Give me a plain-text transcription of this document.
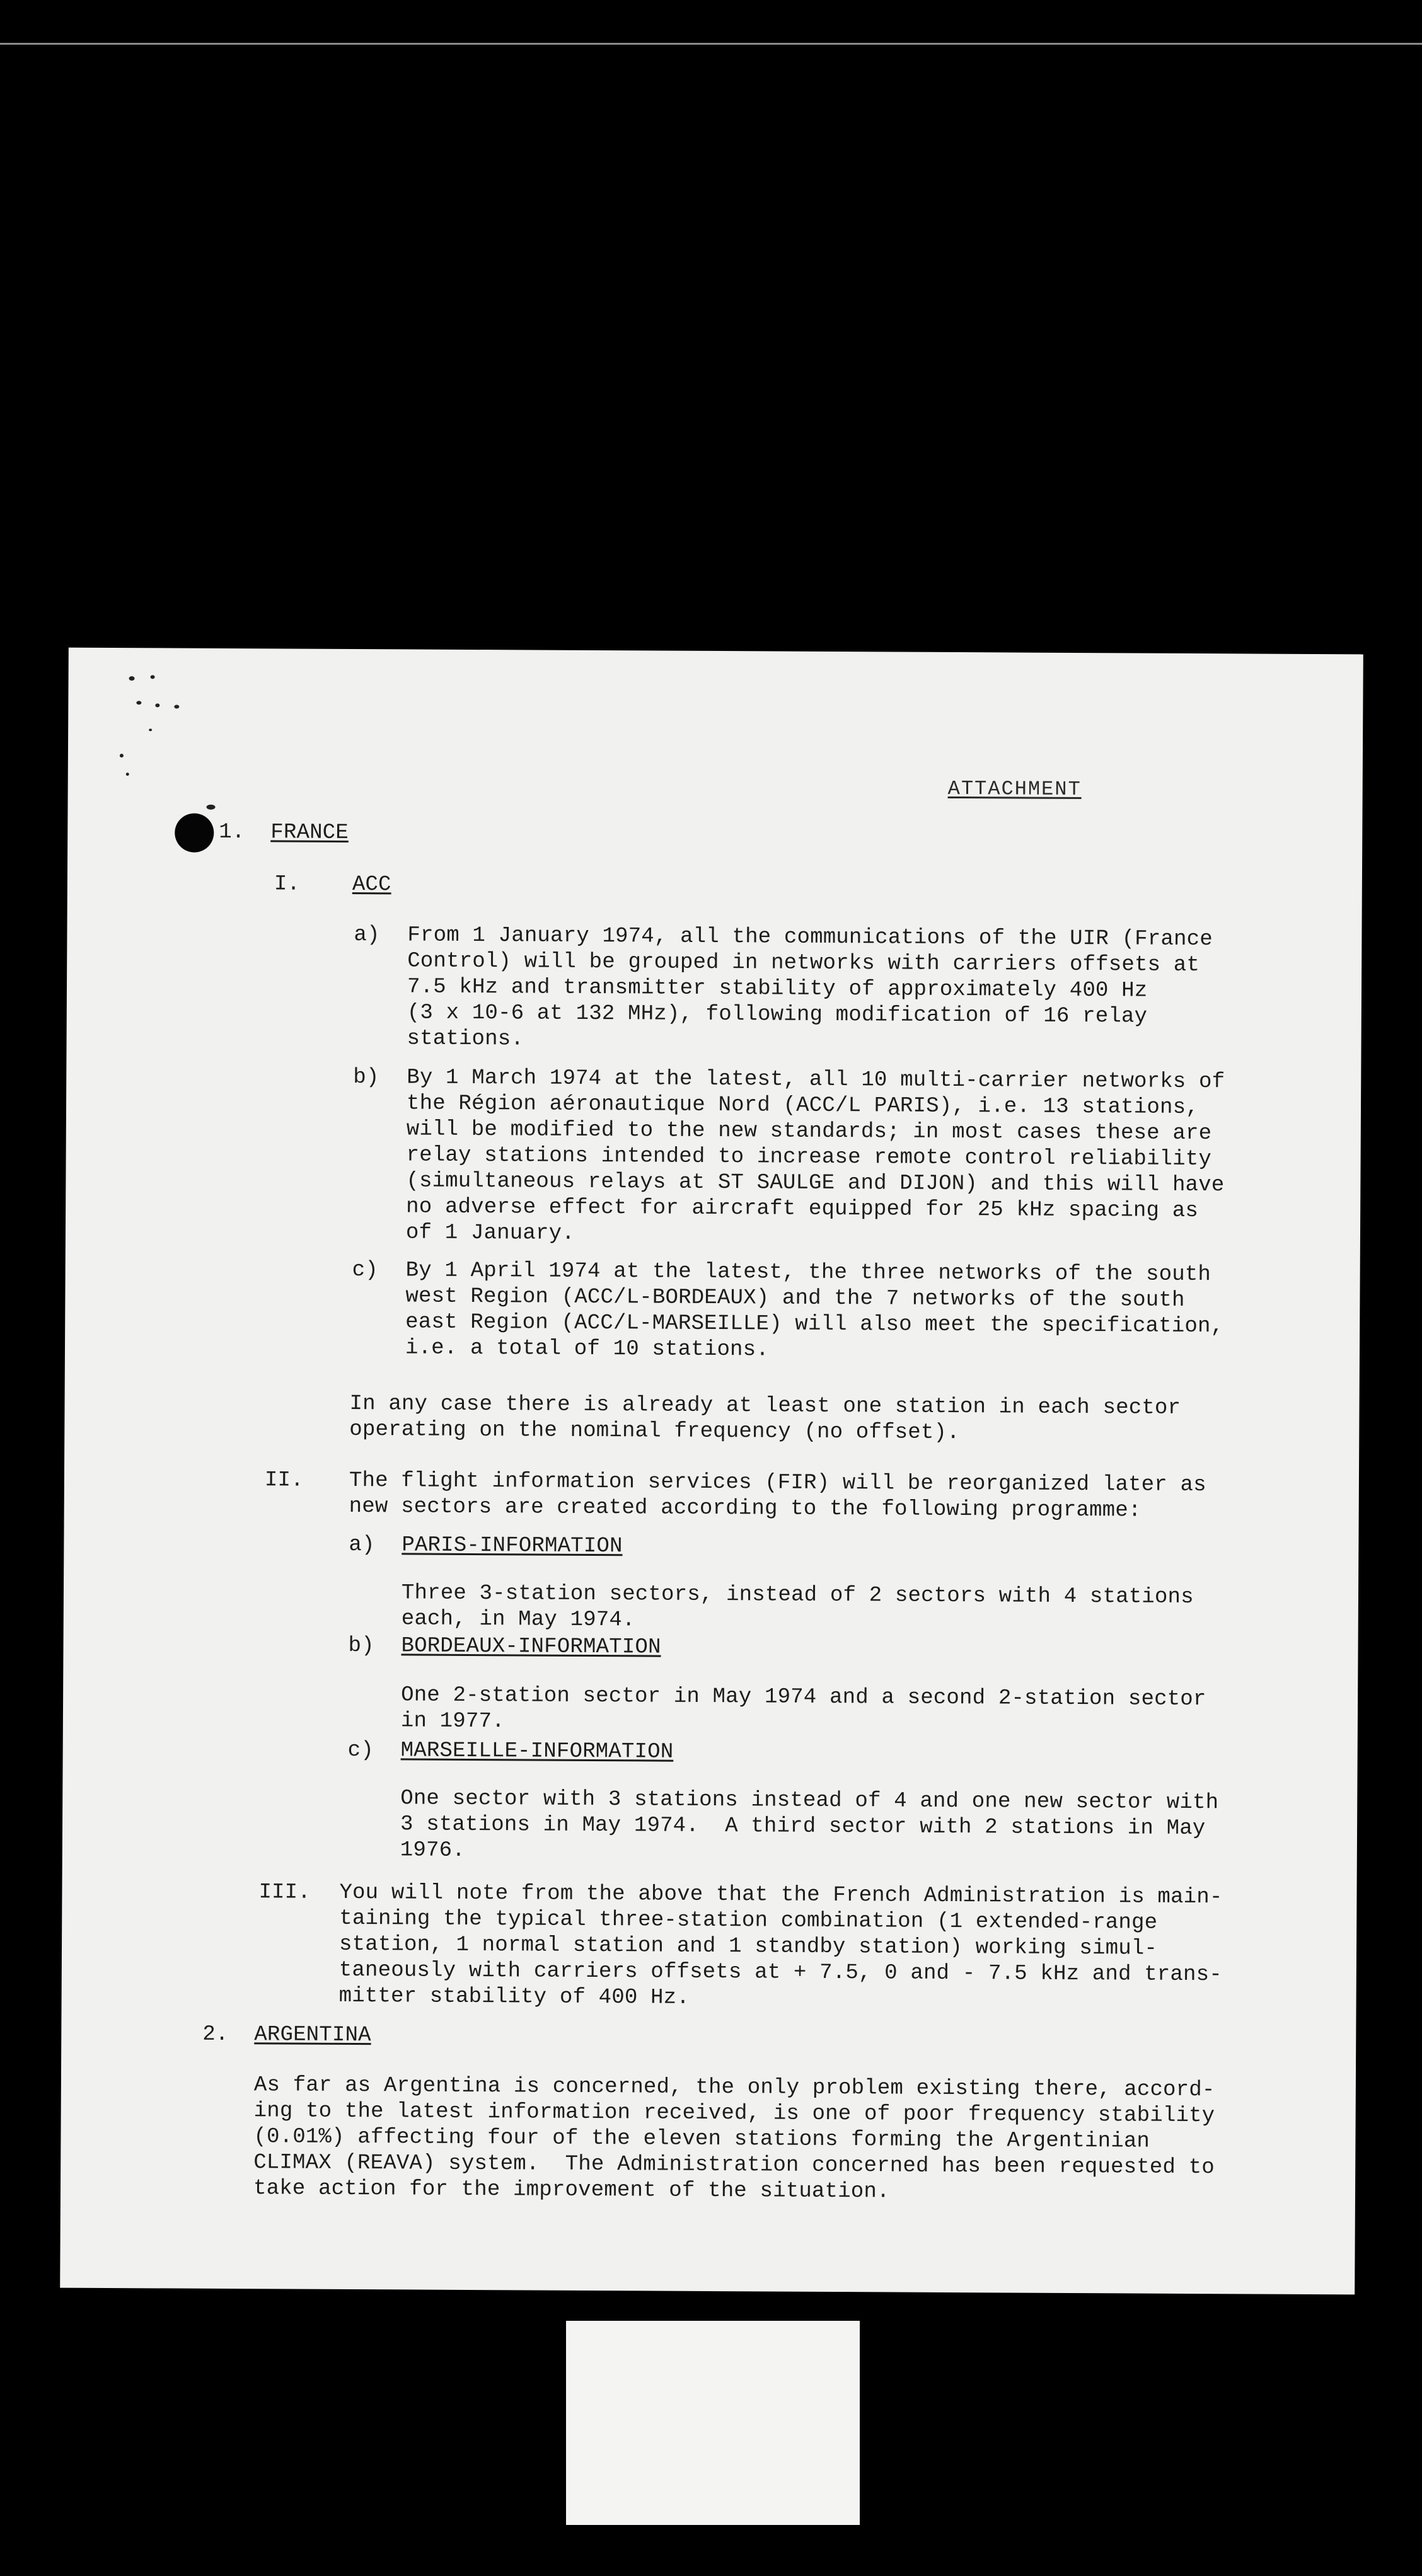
ATTACHMENT
1. FRANCE
I. ACC
a) From 1 January 1974, all the communications of the UIR (France
Control) will be grouped in networks with carriers offsets at
7.5 kHz and transmitter stability of approximately 400 Hz
(3 x 10-6 at 132 MHz), following modification of 16 relay
stations.
b) By 1 March 1974 at the latest, all 10 multi-carrier networks of
the Région aéronautique Nord (ACC/L PARIS), i.e. 13 stations,
will be modified to the new standards; in most cases these are
relay stations intended to increase remote control reliability
(simultaneous relays at ST SAULGE and DIJON) and this will have
no adverse effect for aircraft equipped for 25 kHz spacing as
of 1 January.
c) By 1 April 1974 at the latest, the three networks of the south
west Region (ACC/L-BORDEAUX) and the 7 networks of the south
east Region (ACC/L-MARSEILLE) will also meet the specification,
i.e. a total of 10 stations.
In any case there is already at least one station in each sector
operating on the nominal frequency (no offset).
II. The flight information services (FIR) will be reorganized later as
new sectors are created according to the following programme:
a) PARIS-INFORMATION
Three 3-station sectors, instead of 2 sectors with 4 stations
each, in May 1974.
b) BORDEAUX-INFORMATION
One 2-station sector in May 1974 and a second 2-station sector
in 1977.
c) MARSEILLE-INFORMATION
One sector with 3 stations instead of 4 and one new sector with
3 stations in May 1974.  A third sector with 2 stations in May
1976.
III. You will note from the above that the French Administration is main-
taining the typical three-station combination (1 extended-range
station, 1 normal station and 1 standby station) working simul-
taneously with carriers offsets at + 7.5, 0 and - 7.5 kHz and trans-
mitter stability of 400 Hz.
2. ARGENTINA
As far as Argentina is concerned, the only problem existing there, accord-
ing to the latest information received, is one of poor frequency stability
(0.01%) affecting four of the eleven stations forming the Argentinian
CLIMAX (REAVA) system.  The Administration concerned has been requested to
take action for the improvement of the situation.
